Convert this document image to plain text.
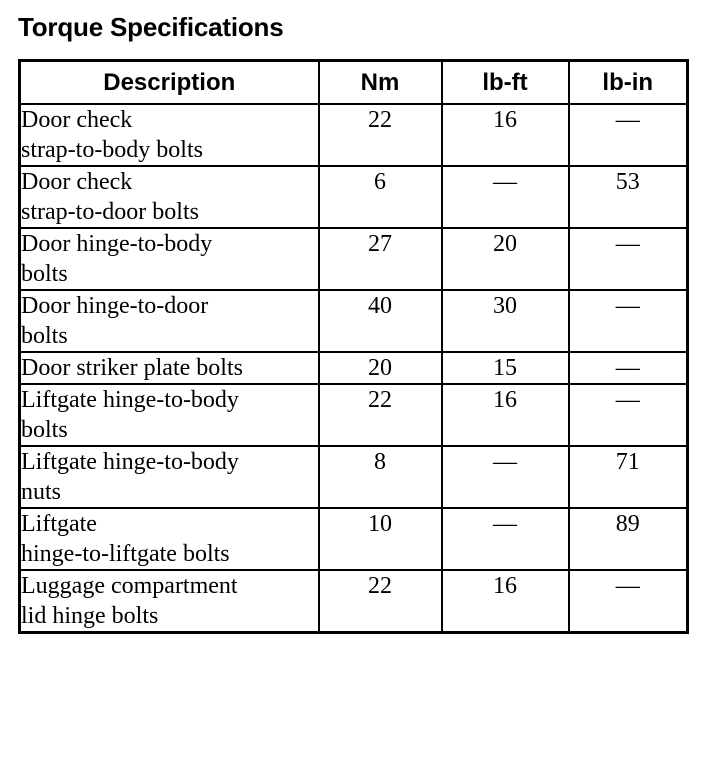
Torque Specifications
Description	Nm	lb-ft	lb-in

Door check
strap-to-body bolts	22	16	—

Door check
strap-to-door bolts	6	—	53

Door hinge-to-body
bolts	27	20	—

Door hinge-to-door
bolts	40	30	—

Door striker plate bolts	20	15	—

Liftgate hinge-to-body
bolts	22	16	—

Liftgate hinge-to-body
nuts	8	—	71

Liftgate
hinge-to-liftgate bolts	10	—	89

Luggage compartment
lid hinge bolts	22	16	—
